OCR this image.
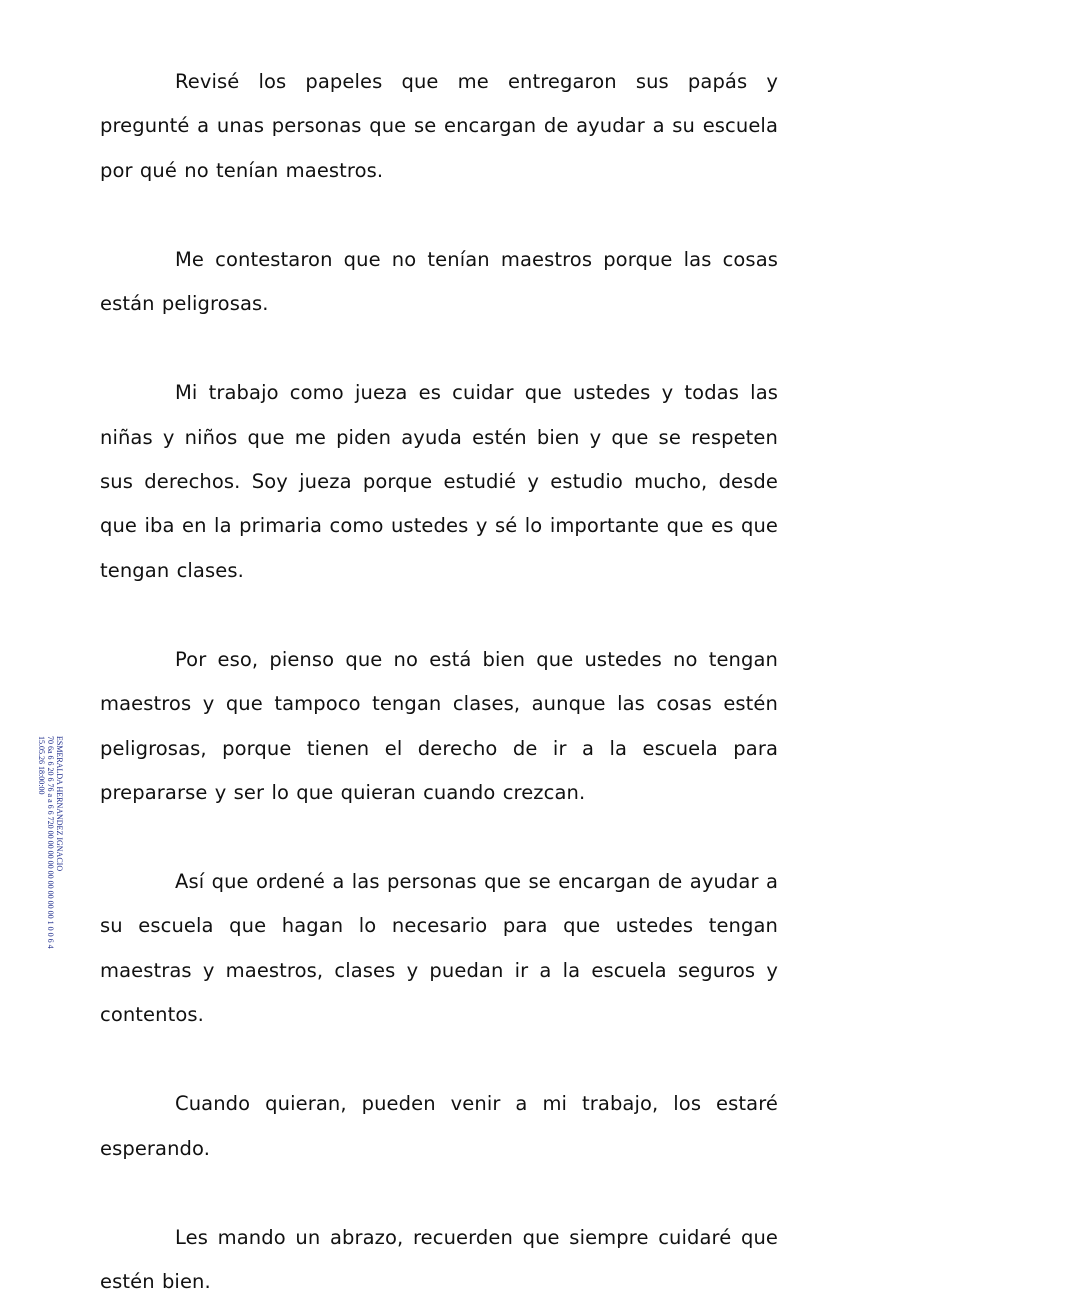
ESMERALDA HERNANDEZ IGNACIO
70 6a 6 6 20 6 76 a a 6 6 720 00 00 00 00 00 00 00 00 00 1 0 0 6 4
15.05.26 18:00:00

Revisé los papeles que me entregaron sus papás y pregunté a unas personas que se encargan de ayudar a su escuela por qué no tenían maestros.

Me contestaron que no tenían maestros porque las cosas están peligrosas.

Mi trabajo como jueza es cuidar que ustedes y todas las niñas y niños que me piden ayuda estén bien y que se respeten sus derechos. Soy jueza porque estudié y estudio mucho, desde que iba en la primaria como ustedes y sé lo importante que es que tengan clases.

Por eso, pienso que no está bien que ustedes no tengan maestros y que tampoco tengan clases, aunque las cosas estén peligrosas, porque tienen el derecho de ir a la escuela para prepararse y ser lo que quieran cuando crezcan.

Así que ordené a las personas que se encargan de ayudar a su escuela que hagan lo necesario para que ustedes tengan maestras y maestros, clases y puedan ir a la escuela seguros y contentos.

Cuando quieran, pueden venir a mi trabajo, los estaré esperando.

Les mando un abrazo, recuerden que siempre cuidaré que estén bien.
